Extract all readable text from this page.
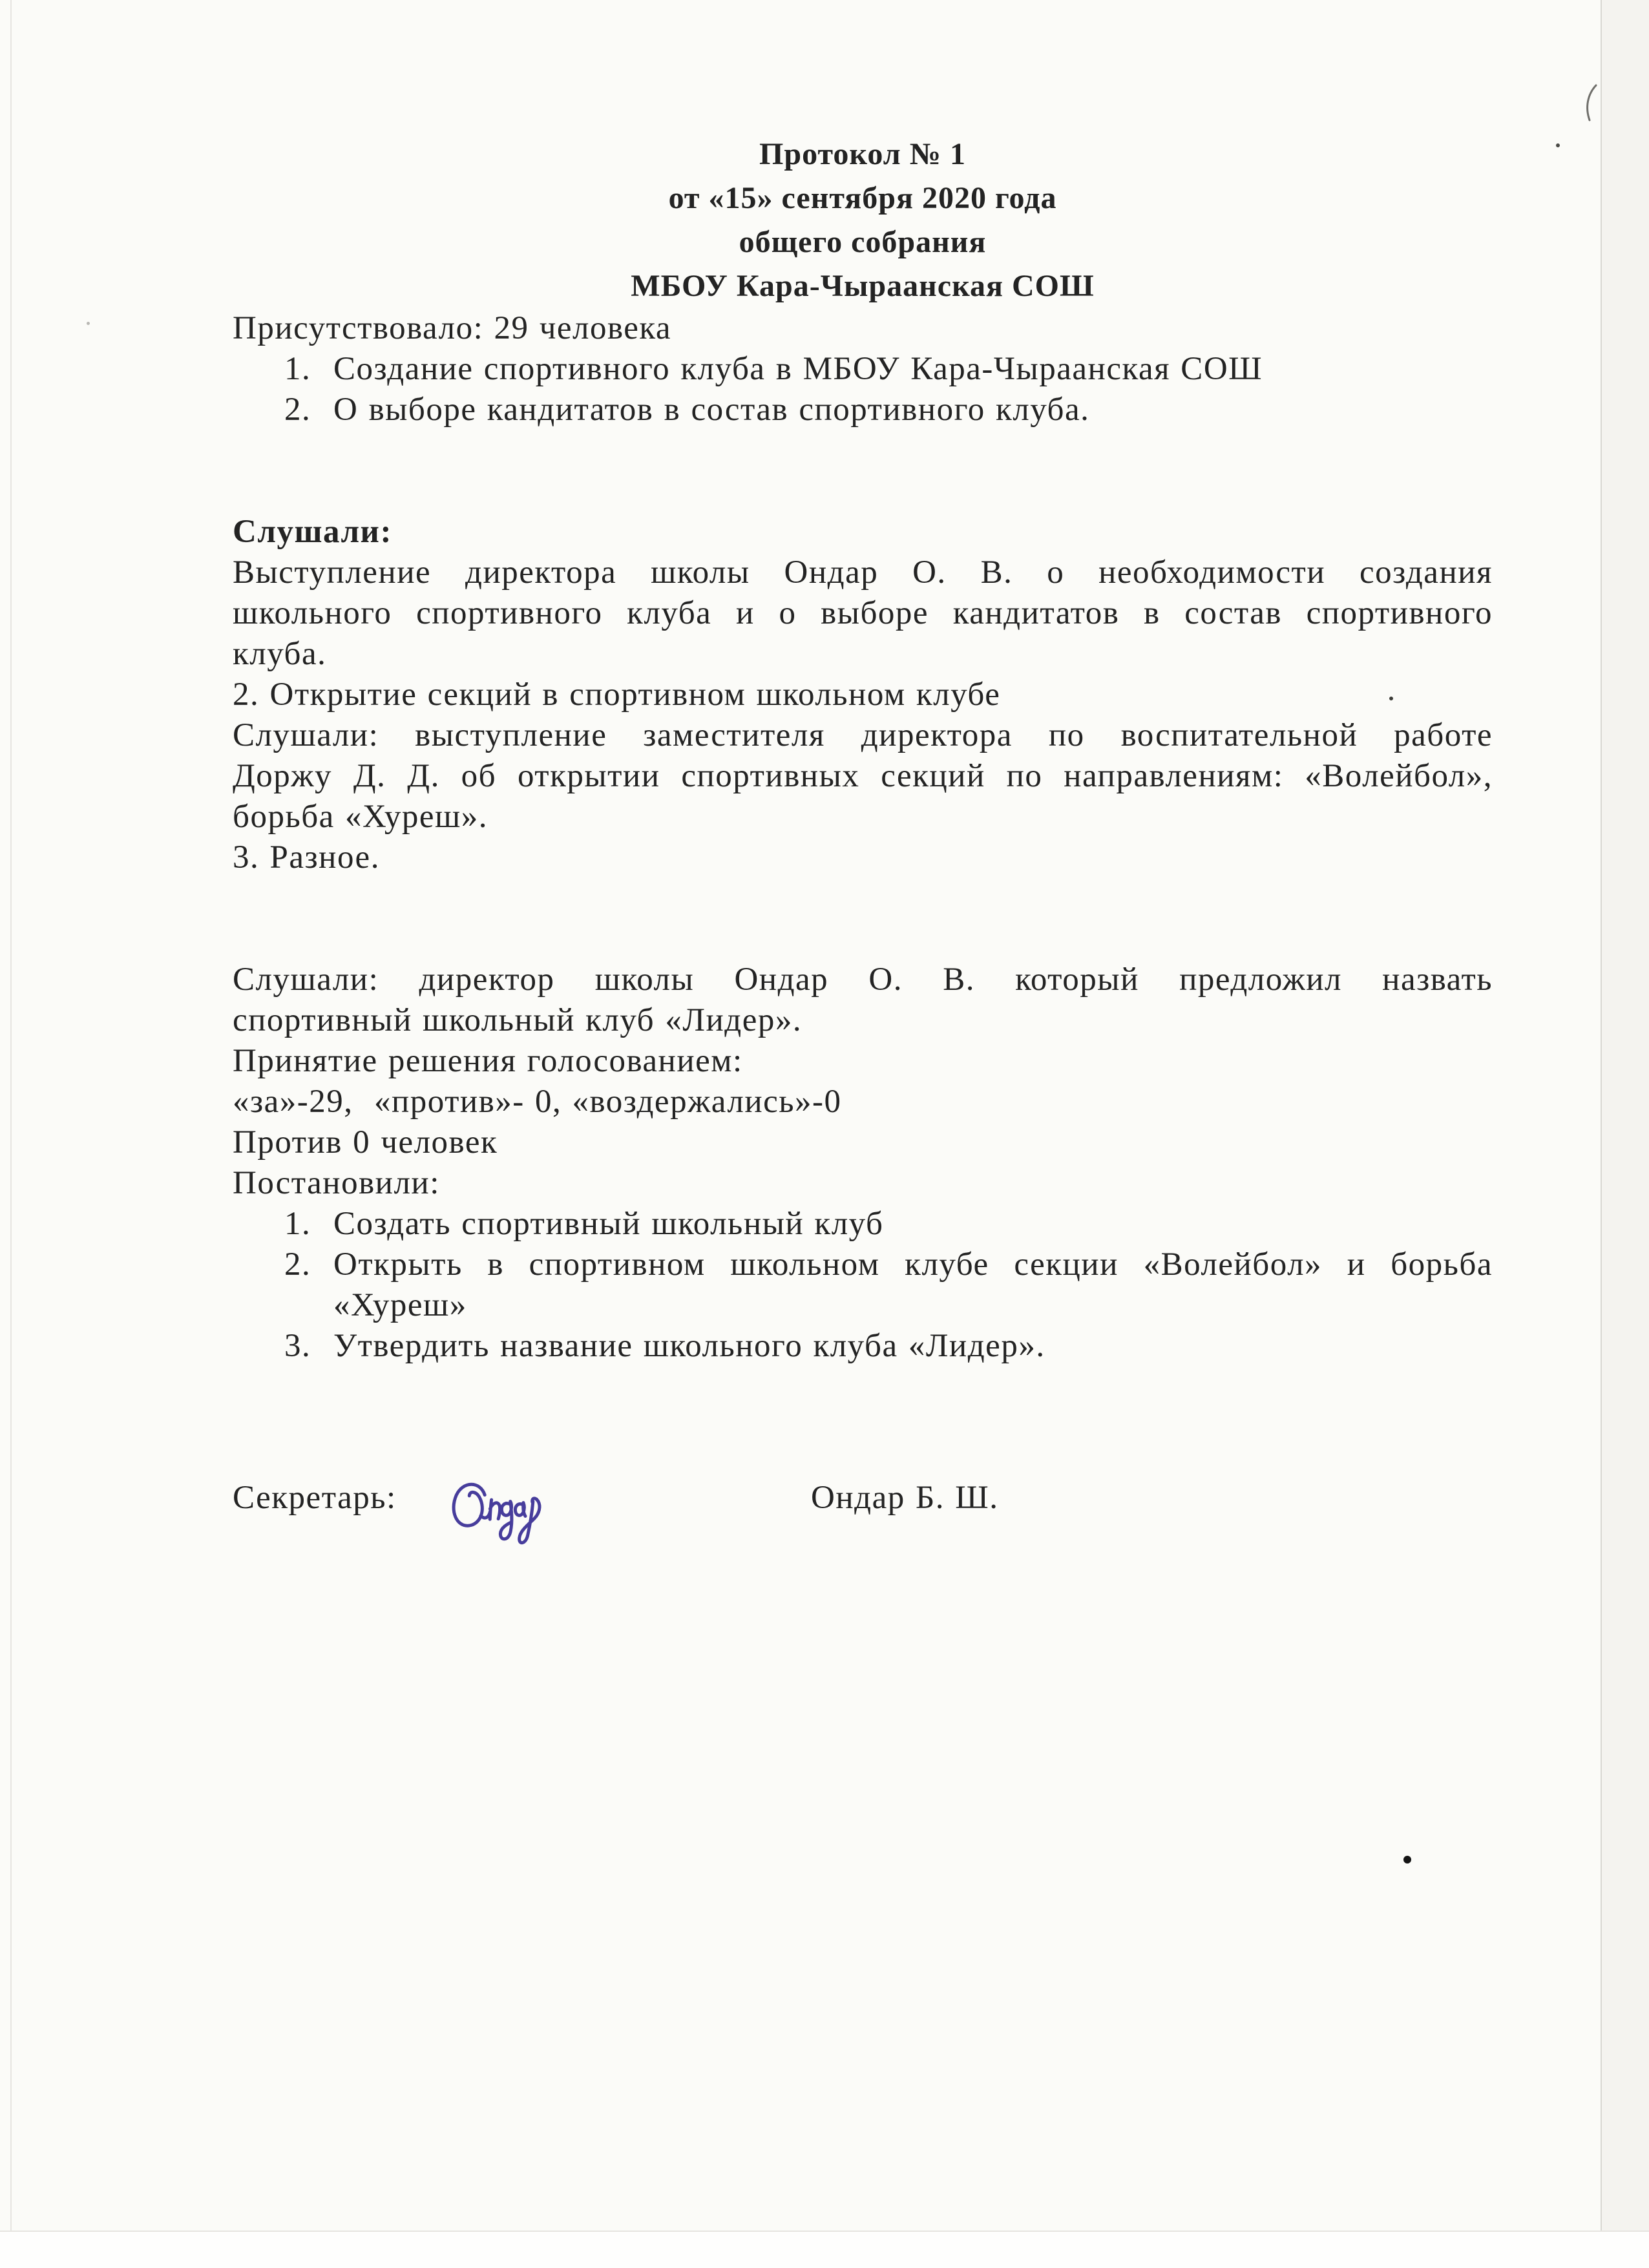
Протокол № 1
от «15» сентября 2020 года
общего собрания
МБОУ Кара-Чыраанская СОШ
Присутствовало: 29 человека
1. Создание спортивного клуба в МБОУ Кара-Чыраанская СОШ
2. О выборе кандитатов в состав спортивного клуба.
Слушали:
Выступление директора школы Ондар О. В. о необходимости создания
школьного спортивного клуба и о выборе кандитатов в состав спортивного
клуба.
2. Открытие секций в спортивном школьном клубе
Слушали: выступление заместителя директора по воспитательной работе
Доржу Д. Д. об открытии спортивных секций по направлениям: «Волейбол»,
борьба «Хуреш».
3. Разное.
Слушали: директор школы Ондар О. В. который предложил назвать
спортивный школьный клуб «Лидер».
Принятие решения голосованием:
«за»-29,  «против»- 0, «воздержались»-0
Против 0 человек
Постановили:
1. Создать спортивный школьный клуб
2. Открыть в спортивном школьном клубе секции «Волейбол» и борьба
«Хуреш»
3. Утвердить название школьного клуба «Лидер».
Секретарь:	Ондар Б. Ш.
